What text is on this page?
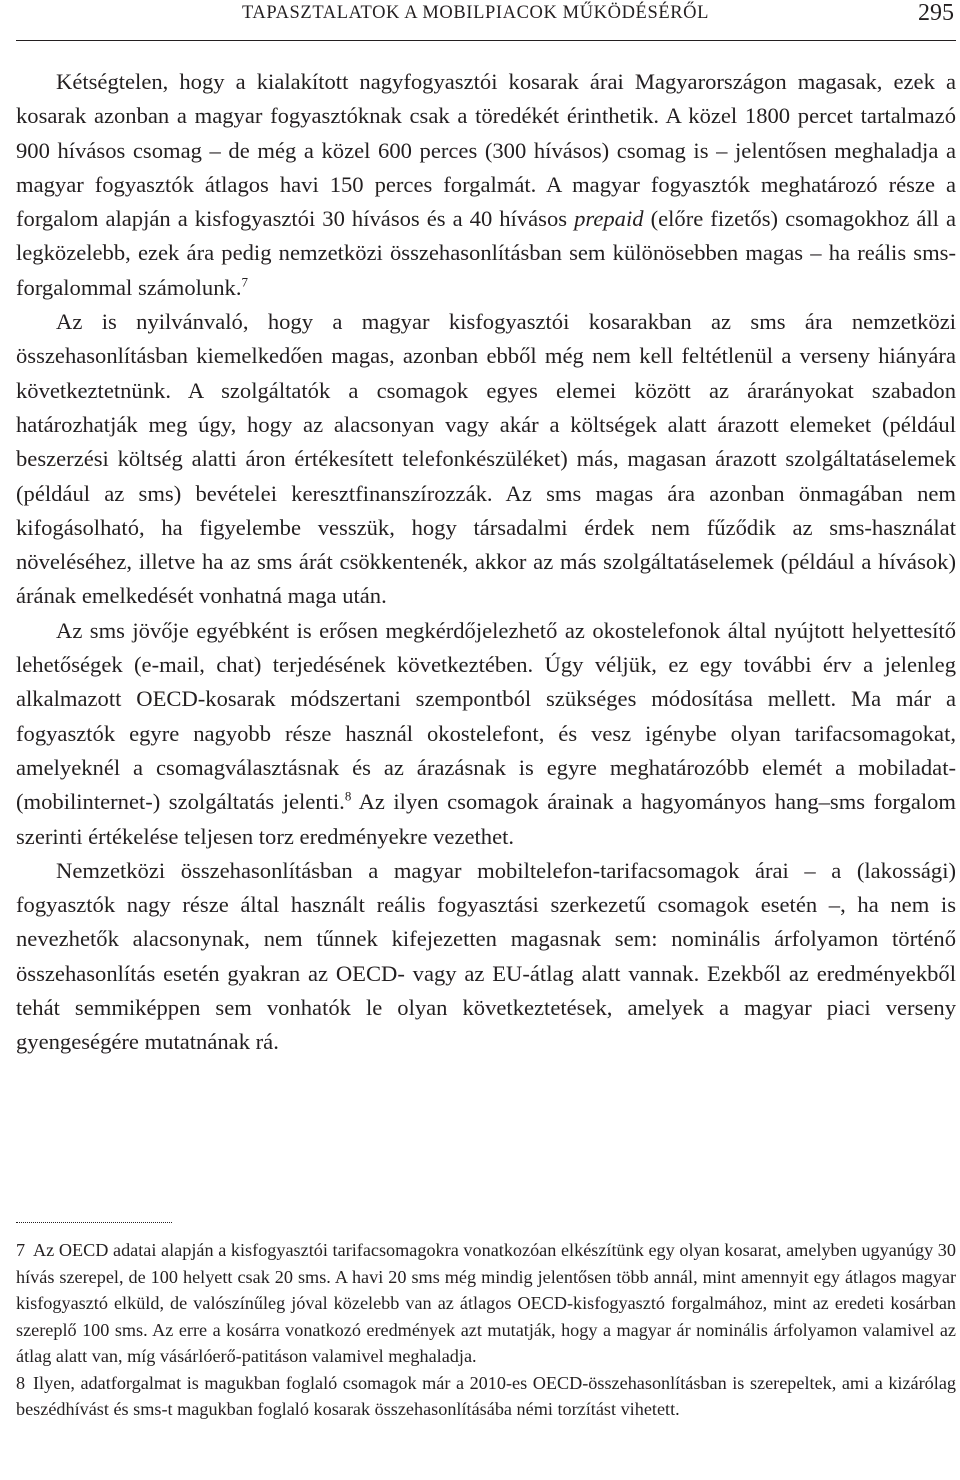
TAPASZTALATOK A MOBILPIACOK MŰKÖDÉSÉRŐL	295

Kétségtelen, hogy a kialakított nagyfogyasztói kosarak árai Magyarországon magasak, ezek a kosarak azonban a magyar fogyasztóknak csak a töredékét érinthetik. A közel 1800 percet tartalmazó 900 hívásos csomag – de még a közel 600 perces (300 hívásos) csomag is – jelentősen meghaladja a magyar fogyasztók átlagos havi 150 perces forgalmát. A magyar fogyasztók meghatározó része a forgalom alapján a kisfogyasztói 30 hívásos és a 40 hívásos prepaid (előre fizetős) csomagokhoz áll a legközelebb, ezek ára pedig nemzetközi összehasonlításban sem különösebben magas – ha reális sms-forgalommal számolunk.$^7$

Az is nyilvánvaló, hogy a magyar kisfogyasztói kosarakban az sms ára nemzetközi összehasonlításban kiemelkedően magas, azonban ebből még nem kell feltétlenül a verseny hiányára következtetnünk. A szolgáltatók a csomagok egyes elemei között az árarányokat szabadon határozhatják meg úgy, hogy az alacsonyan vagy akár a költségek alatt árazott elemeket (például beszerzési költség alatti áron értékesített telefonkészüléket) más, magasan árazott szolgáltatáselemek (például az sms) bevételei keresztfinanszírozzák. Az sms magas ára azonban önmagában nem kifogásolható, ha figyelembe vesszük, hogy társadalmi érdek nem fűződik az sms-használat növeléséhez, illetve ha az sms árát csökkentenék, akkor az más szolgáltatáselemek (például a hívások) árának emelkedését vonhatná maga után.

Az sms jövője egyébként is erősen megkérdőjelezhető az okostelefonok által nyújtott helyettesítő lehetőségek (e-mail, chat) terjedésének következtében. Úgy véljük, ez egy további érv a jelenleg alkalmazott OECD-kosarak módszertani szempontból szükséges módosítása mellett. Ma már a fogyasztók egyre nagyobb része használ okostelefont, és vesz igénybe olyan tarifacsomagokat, amelyeknél a csomagválasztásnak és az árazásnak is egyre meghatározóbb elemét a mobiladat- (mobilinternet-) szolgáltatás jelenti.$^8$ Az ilyen csomagok árainak a hagyományos hang–sms forgalom szerinti értékelése teljesen torz eredményekre vezethet.

Nemzetközi összehasonlításban a magyar mobiltelefon-tarifacsomagok árai – a (lakossági) fogyasztók nagy része által használt reális fogyasztási szerkezetű csomagok esetén –, ha nem is nevezhetők alacsonynak, nem tűnnek kifejezetten magasnak sem: nominális árfolyamon történő összehasonlítás esetén gyakran az OECD- vagy az EU-átlag alatt vannak. Ezekből az eredményekből tehát semmiképpen sem vonhatók le olyan következtetések, amelyek a magyar piaci verseny gyengeségére mutatnának rá.

7 Az OECD adatai alapján a kisfogyasztói tarifacsomagokra vonatkozóan elkészítünk egy olyan kosarat, amelyben ugyanúgy 30 hívás szerepel, de 100 helyett csak 20 sms. A havi 20 sms még mindig jelentősen több annál, mint amennyit egy átlagos magyar kisfogyasztó elküld, de valószínűleg jóval közelebb van az átlagos OECD-kisfogyasztó forgalmához, mint az eredeti kosárban szereplő 100 sms. Az erre a kosárra vonatkozó eredmények azt mutatják, hogy a magyar ár nominális árfolyamon valamivel az átlag alatt van, míg vásárlóerő-patitáson valamivel meghaladja.
8 Ilyen, adatforgalmat is magukban foglaló csomagok már a 2010-es OECD-összehasonlításban is szerepeltek, ami a kizárólag beszédhívást és sms-t magukban foglaló kosarak összehasonlításába némi torzítást vihetett.
